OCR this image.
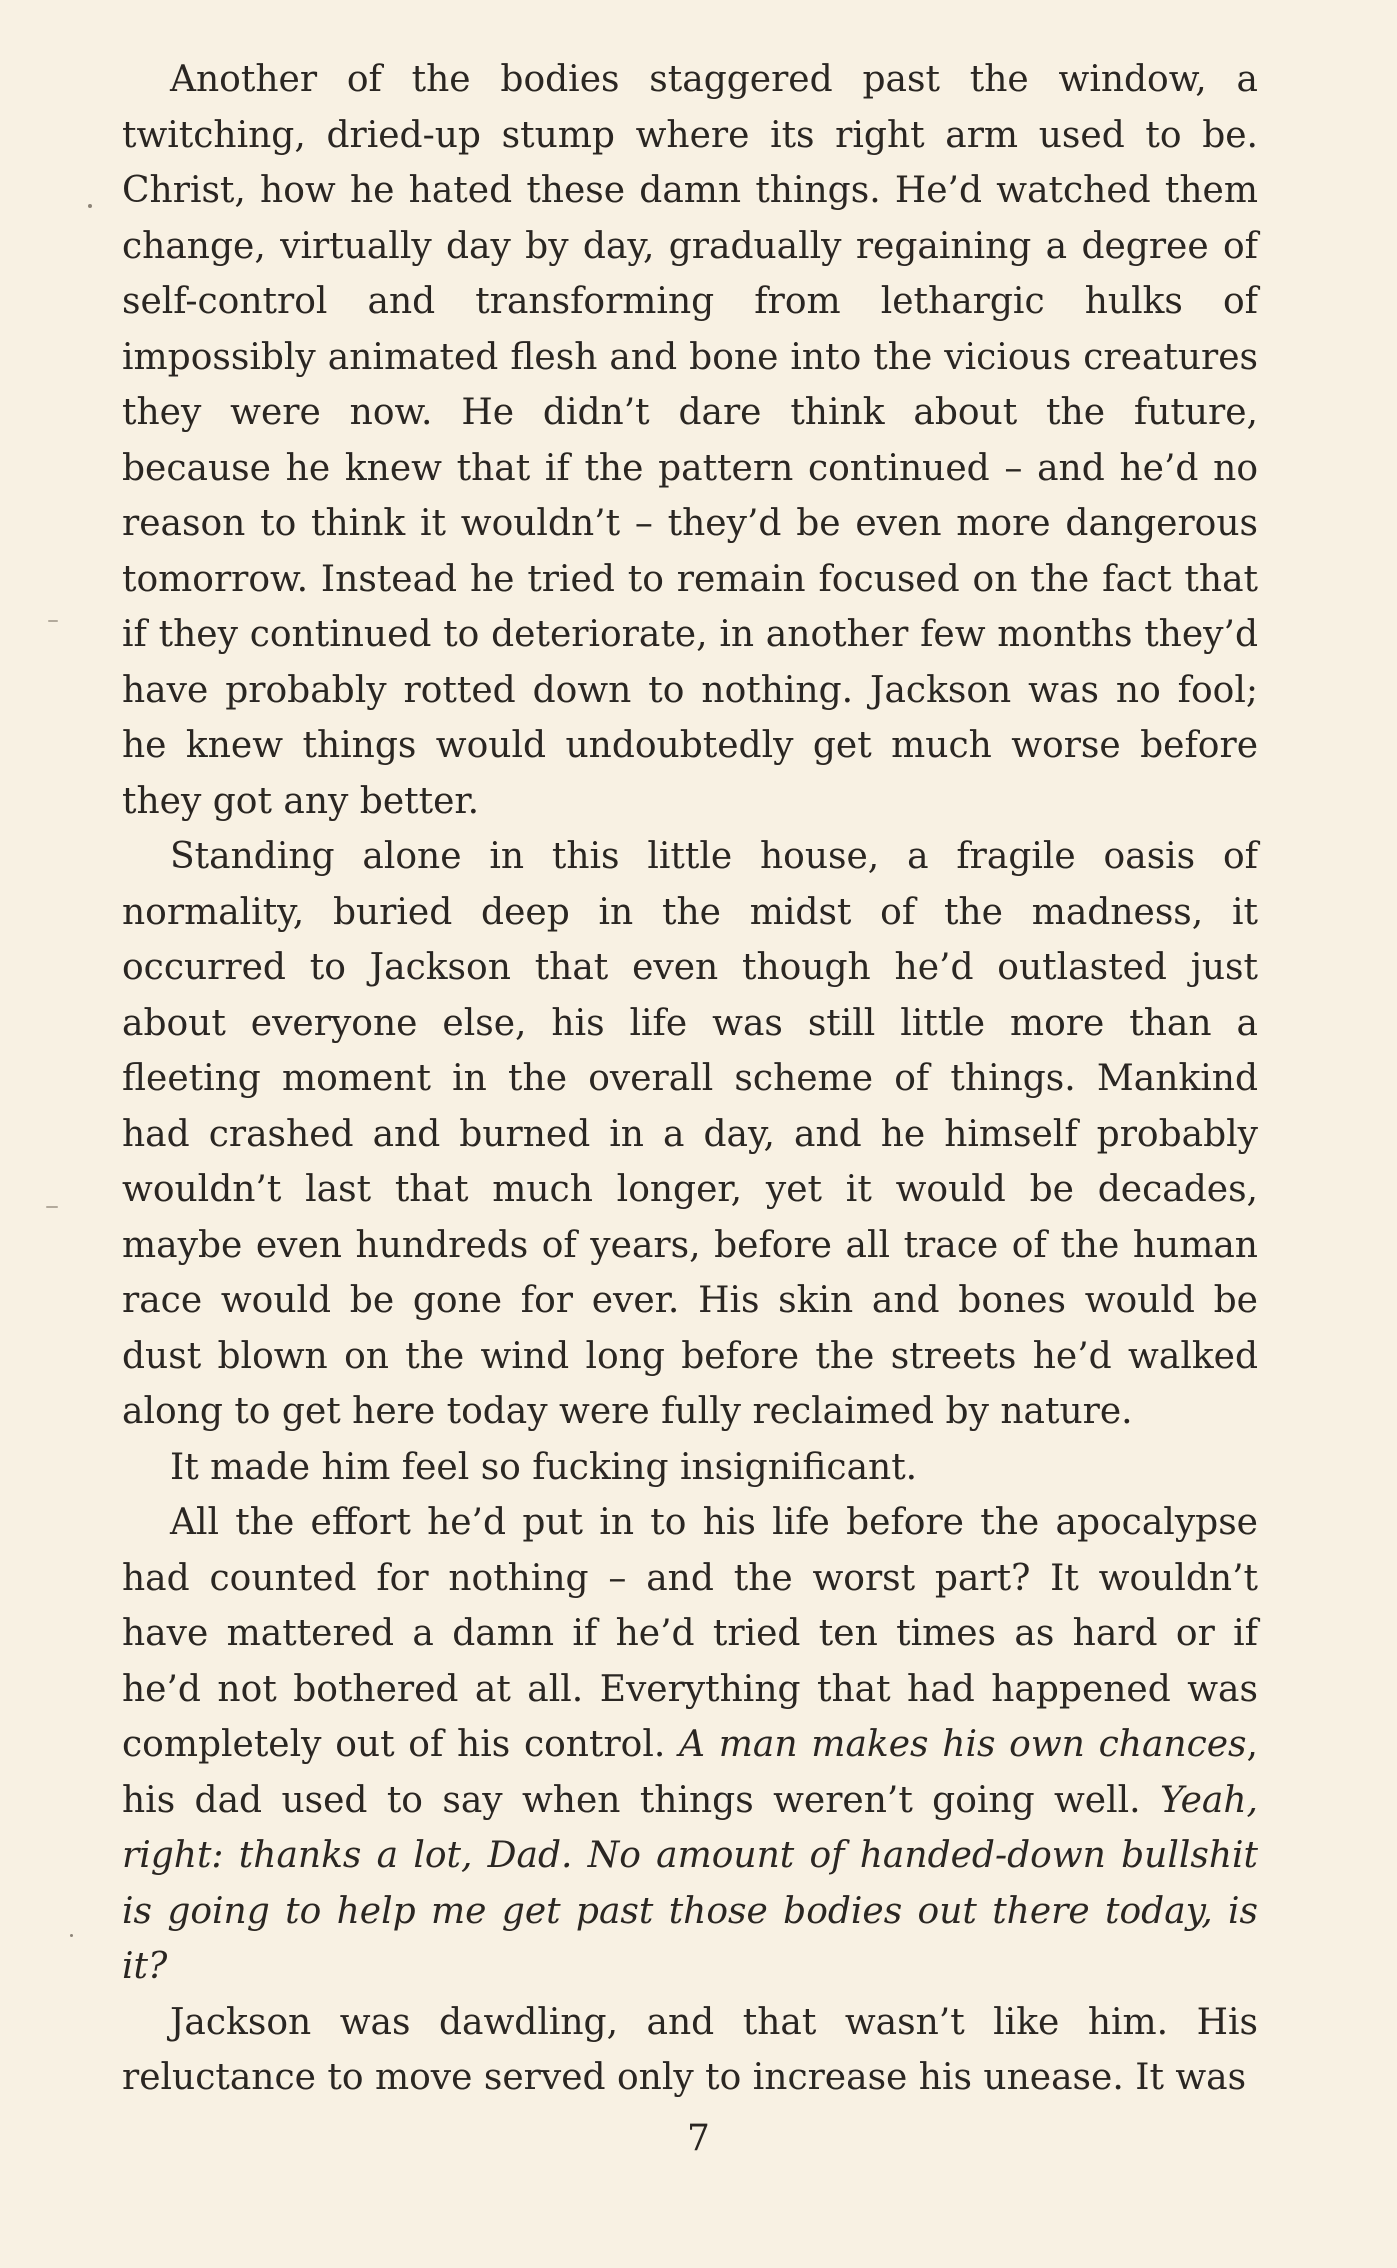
Another of the bodies staggered past the window, a twitching, dried-up stump where its right arm used to be. Christ, how he hated these damn things. He’d watched them change, virtually day by day, gradually regaining a degree of self-control and transforming from lethargic hulks of impossibly animated flesh and bone into the vicious creatures they were now. He didn’t dare think about the future, because he knew that if the pattern continued – and he’d no reason to think it wouldn’t – they’d be even more dangerous tomorrow. Instead he tried to remain focused on the fact that if they continued to deteriorate, in another few months they’d have probably rotted down to nothing. Jackson was no fool; he knew things would undoubtedly get much worse before they got any better.

Standing alone in this little house, a fragile oasis of normality, buried deep in the midst of the madness, it occurred to Jackson that even though he’d outlasted just about everyone else, his life was still little more than a fleeting moment in the overall scheme of things. Mankind had crashed and burned in a day, and he himself probably wouldn’t last that much longer, yet it would be decades, maybe even hundreds of years, before all trace of the human race would be gone for ever. His skin and bones would be dust blown on the wind long before the streets he’d walked along to get here today were fully reclaimed by nature.

It made him feel so fucking insignificant.

All the effort he’d put in to his life before the apocalypse had counted for nothing – and the worst part? It wouldn’t have mattered a damn if he’d tried ten times as hard or if he’d not bothered at all. Everything that had happened was completely out of his control. A man makes his own chances, his dad used to say when things weren’t going well. Yeah, right: thanks a lot, Dad. No amount of handed-down bullshit is going to help me get past those bodies out there today, is it?

Jackson was dawdling, and that wasn’t like him. His reluctance to move served only to increase his unease. It was

7
